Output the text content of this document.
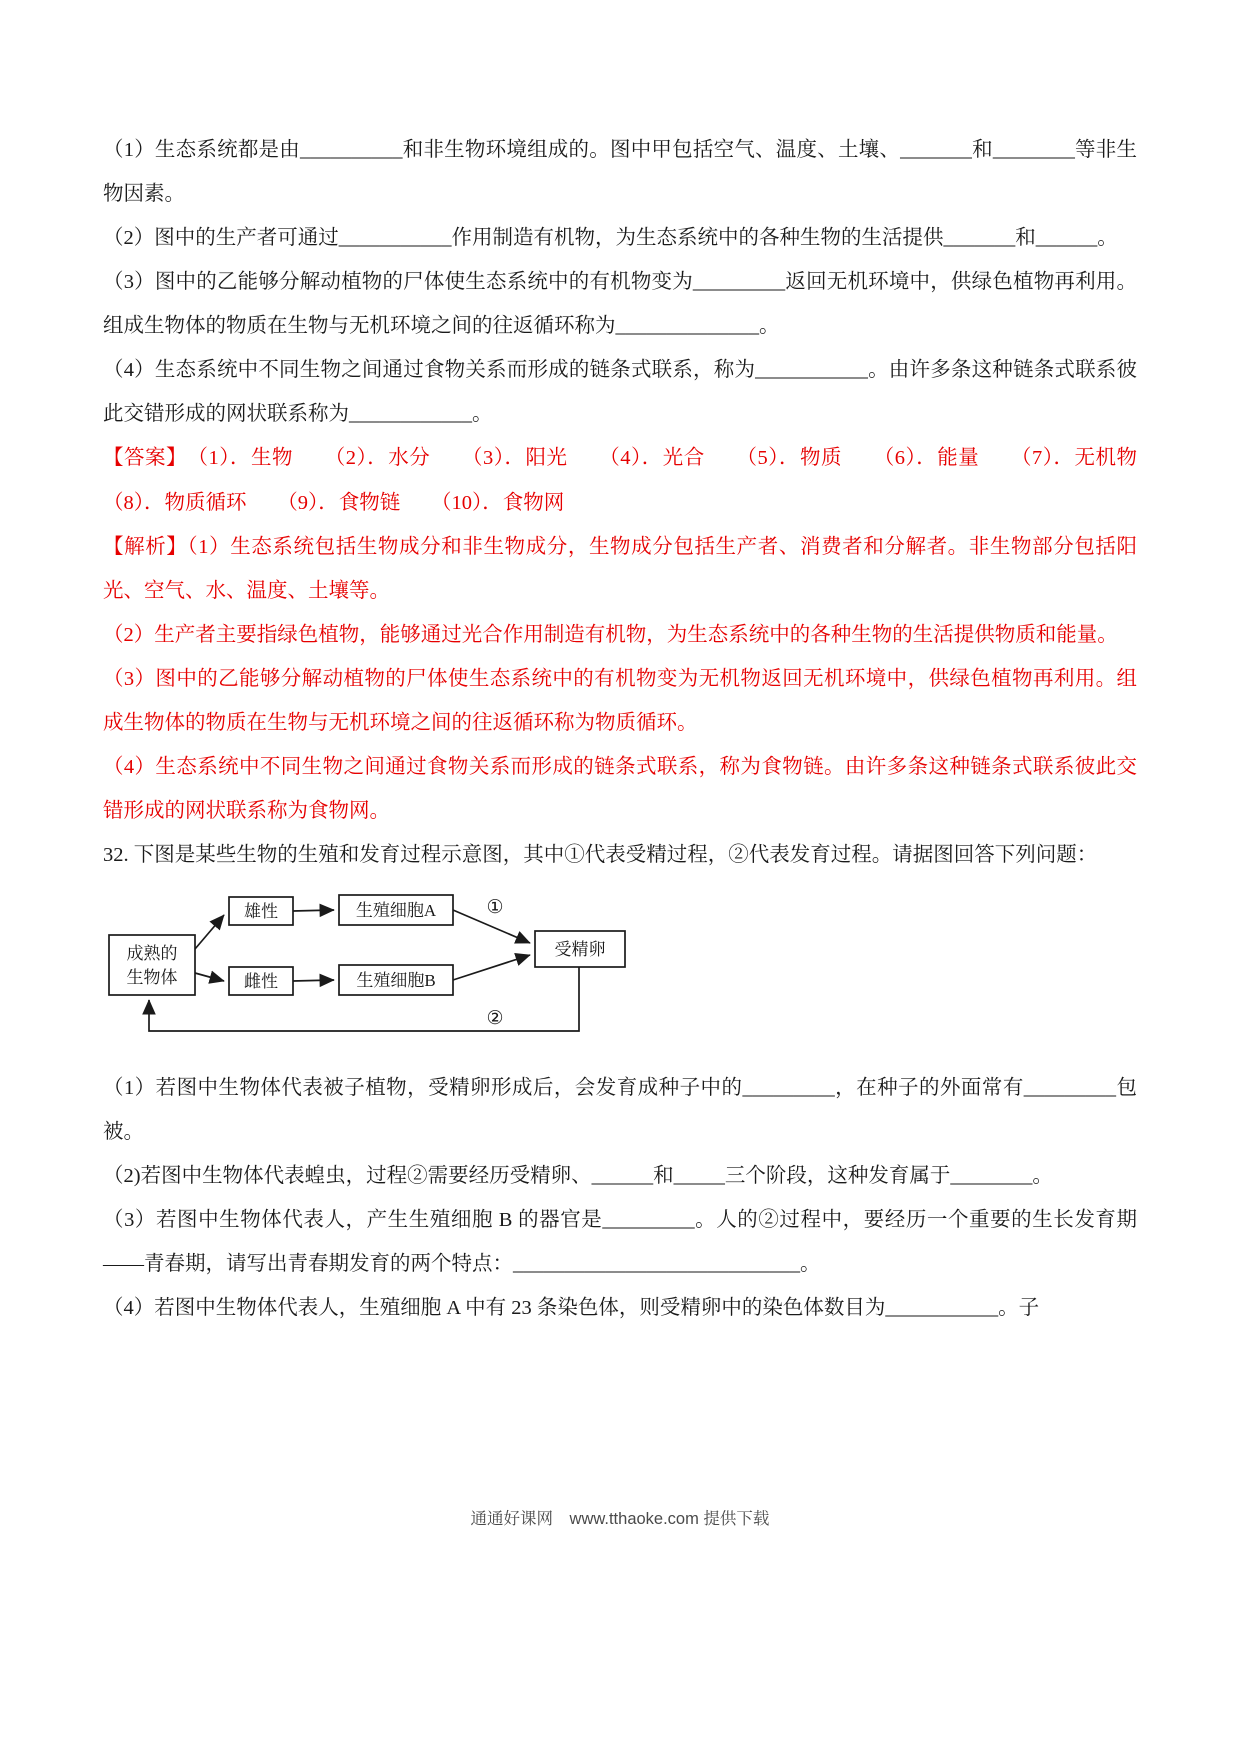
（1）生态系统都是由__________和非生物环境组成的。图中甲包括空气、温度、土壤、_______和________等非生物因素。

（2）图中的生产者可通过___________作用制造有机物，为生态系统中的各种生物的生活提供_______和______。

（3）图中的乙能够分解动植物的尸体使生态系统中的有机物变为_________返回无机环境中，供绿色植物再利用。组成生物体的物质在生物与无机环境之间的往返循环称为______________。

（4）生态系统中不同生物之间通过食物关系而形成的链条式联系，称为___________。由许多条这种链条式联系彼此交错形成的网状联系称为____________。

【答案】　（1）．生物　　（2）．水分　　（3）．阳光　　（4）．光合　　（5）．物质　　（6）．能量　　（7）．无机物　　（8）．物质循环　　（9）．食物链　　（10）．食物网

【解析】（1）生态系统包括生物成分和非生物成分，生物成分包括生产者、消费者和分解者。非生物部分包括阳光、空气、水、温度、土壤等。

（2）生产者主要指绿色植物，能够通过光合作用制造有机物，为生态系统中的各种生物的生活提供物质和能量。

（3）图中的乙能够分解动植物的尸体使生态系统中的有机物变为无机物返回无机环境中，供绿色植物再利用。组成生物体的物质在生物与无机环境之间的往返循环称为物质循环。

（4）生态系统中不同生物之间通过食物关系而形成的链条式联系，称为食物链。由许多条这种链条式联系彼此交错形成的网状联系称为食物网。

32. 下图是某些生物的生殖和发育过程示意图，其中①代表受精过程，②代表发育过程。请据图回答下列问题：

成熟的
生物体
雄性	生殖细胞A
雌性	生殖细胞B
受精卵
①
②

（1）若图中生物体代表被子植物，受精卵形成后，会发育成种子中的_________，在种子的外面常有_________包被。

（2)若图中生物体代表蝗虫，过程②需要经历受精卵、______和_____三个阶段，这种发育属于________。

（3）若图中生物体代表人，产生生殖细胞 B 的器官是_________。人的②过程中，要经历一个重要的生长发育期——青春期，请写出青春期发育的两个特点：____________________________。

（4）若图中生物体代表人，生殖细胞 A 中有 23 条染色体，则受精卵中的染色体数目为___________。子

通通好课网　www.tthaoke.com 提供下载
